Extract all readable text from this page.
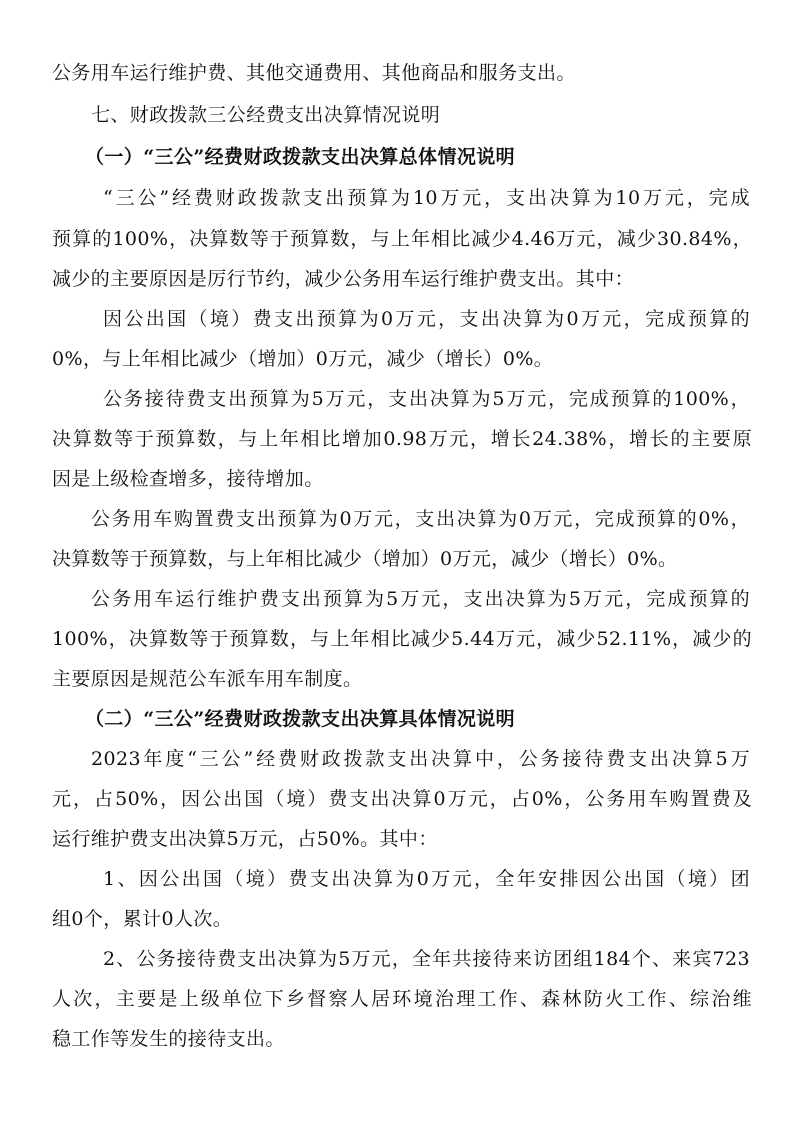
公务用车运行维护费、其他交通费用、其他商品和服务支出。
七、财政拨款三公经费支出决算情况说明
（一）“三公”经费财政拨款支出决算总体情况说明
“三公”经费财政拨款支出预算为10万元，支出决算为10万元，完成
预算的100%，决算数等于预算数，与上年相比减少4.46万元，减少30.84%，
减少的主要原因是厉行节约，减少公务用车运行维护费支出。其中：
因公出国（境）费支出预算为0万元，支出决算为0万元，完成预算的
0%，与上年相比减少（增加）0万元，减少（增长）0%。
公务接待费支出预算为5万元，支出决算为5万元，完成预算的100%，
决算数等于预算数，与上年相比增加0.98万元，增长24.38%，增长的主要原
因是上级检查增多，接待增加。
公务用车购置费支出预算为0万元，支出决算为0万元，完成预算的0%，
决算数等于预算数，与上年相比减少（增加）0万元，减少（增长）0%。
公务用车运行维护费支出预算为5万元，支出决算为5万元，完成预算的
100%，决算数等于预算数，与上年相比减少5.44万元，减少52.11%，减少的
主要原因是规范公车派车用车制度。
（二）“三公”经费财政拨款支出决算具体情况说明
2023年度“三公”经费财政拨款支出决算中，公务接待费支出决算5万
元，占50%，因公出国（境）费支出决算0万元，占0%，公务用车购置费及
运行维护费支出决算5万元，占50%。其中：
1、因公出国（境）费支出决算为0万元，全年安排因公出国（境）团
组0个，累计0人次。
2、公务接待费支出决算为5万元，全年共接待来访团组184个、来宾723
人次，主要是上级单位下乡督察人居环境治理工作、森林防火工作、综治维
稳工作等发生的接待支出。
